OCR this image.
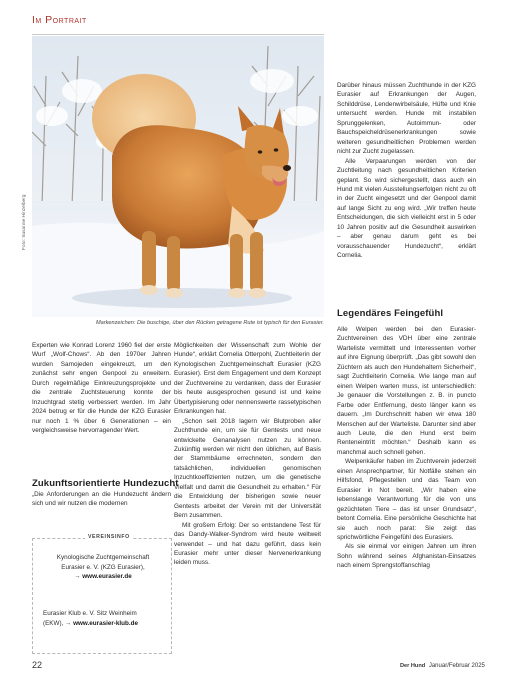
Im Portrait
Foto: Susanne Hinzelberg
Markenzeichen: Die buschige, über den Rücken getragene Rute ist typisch für den Eurasier.

Experten wie Konrad Lorenz 1960 fiel der erste Wurf „Wolf-Chows“. Ab den 1970er Jahren wurden Samojeden eingekreuzt, um den zunächst sehr engen Genpool zu erweitern. Durch regelmäßige Einkreuzungsprojekte und die zentrale Zuchtsteuerung konnte der Inzuchtgrad stetig verbessert werden. Im Jahr 2024 betrug er für die Hunde der KZG Eurasier nur noch 1 % über 6 Generationen – ein vergleichsweise hervorragender Wert.

Zukunftsorientierte Hundezucht

„Die Anforderungen an die Hundezucht ändern sich und wir nutzen die modernen

VEREINSINFO
Kynologische Zuchtgemeinschaft
Eurasier e. V. (KZG Eurasier),
→ www.eurasier.de
Eurasier Klub e. V. Sitz Weinheim
(EKW), → www.eurasier-klub.de

Möglichkeiten der Wissenschaft zum Wohle der Hunde“, erklärt Cornelia Otterpohl, Zuchtleiterin der Kynologischen Zuchtgemeinschaft Eurasier (KZG Eurasier). Erst dem Engagement und dem Konzept der Zuchtvereine zu verdanken, dass der Eurasier bis heute ausgesprochen gesund ist und keine Übertypisierung oder nennenswerte rassetypischen Erkrankungen hat.

„Schon seit 2018 lagern wir Blutproben aller Zuchthunde ein, um sie für Gentests und neue entwickelte Genanalysen nutzen zu können. Zukünftig werden wir nicht den üblichen, auf Basis der Stammbäume errechneten, sondern den tatsächlichen, individuellen genomischen Inzuchtkoeffizienten nutzen, um die genetische Vielfalt und damit die Gesundheit zu erhalten.“ Für die Entwicklung der bisherigen sowie neuer Gentests arbeitet der Verein mit der Universität Bern zusammen.

Mit großem Erfolg: Der so entstandene Test für das Dandy-Walker-Syndrom wird heute weltweit verwendet – und hat dazu geführt, dass kein Eurasier mehr unter dieser Nervenerkrankung leiden muss.

Darüber hinaus müssen Zuchthunde in der KZG Eurasier auf Erkrankungen der Augen, Schilddrüse, Lendenwirbelsäule, Hüfte und Knie untersucht werden. Hunde mit instabilen Sprunggelenken, Autoimmun- oder Bauchspeicheldrüsenerkrankungen sowie weiteren gesundheitlichen Problemen werden nicht zur Zucht zugelassen.

Alle Verpaarungen werden von der Zuchtleitung nach gesundheitlichen Kriterien geplant. So wird sichergestellt, dass auch ein Hund mit vielen Ausstellungserfolgen nicht zu oft in der Zucht eingesetzt und der Genpool damit auf lange Sicht zu eng wird. „Wir treffen heute Entscheidungen, die sich vielleicht erst in 5 oder 10 Jahren positiv auf die Gesundheit auswirken – aber genau darum geht es bei vorausschauender Hundezucht“, erklärt Cornelia.

Legendäres Feingefühl

Alle Welpen werden bei den Eurasier-Zuchtvereinen des VDH über eine zentrale Warteliste vermittelt und Interessenten vorher auf ihre Eignung überprüft. „Das gibt sowohl den Züchtern als auch den Hundehaltern Sicherheit“, sagt Zuchtleiterin Cornelia. Wie lange man auf einen Welpen warten muss, ist unterschiedlich: Je genauer die Vorstellungen z. B. in puncto Farbe oder Entfernung, desto länger kann es dauern. „Im Durchschnitt haben wir etwa 180 Menschen auf der Warteliste. Darunter sind aber auch Leute, die den Hund erst beim Renteneintritt möchten.“ Deshalb kann es manchmal auch schnell gehen.

Welpenkäufer haben im Zuchtverein jederzeit einen Ansprechpartner, für Notfälle stehen ein Hilfsfond, Pflegestellen und das Team von Eurasier in Not bereit. „Wir haben eine lebenslange Verantwortung für die von uns gezüchteten Tiere – das ist unser Grundsatz“, betont Cornelia. Eine persönliche Geschichte hat sie auch noch parat: Sie zeigt das sprichwörtliche Feingefühl des Eurasiers.

Als sie einmal vor einigen Jahren um ihren Sohn während seines Afghanistan-Einsatzes nach einem Sprengstoffanschlag

22	Der Hund Januar/Februar 2025
